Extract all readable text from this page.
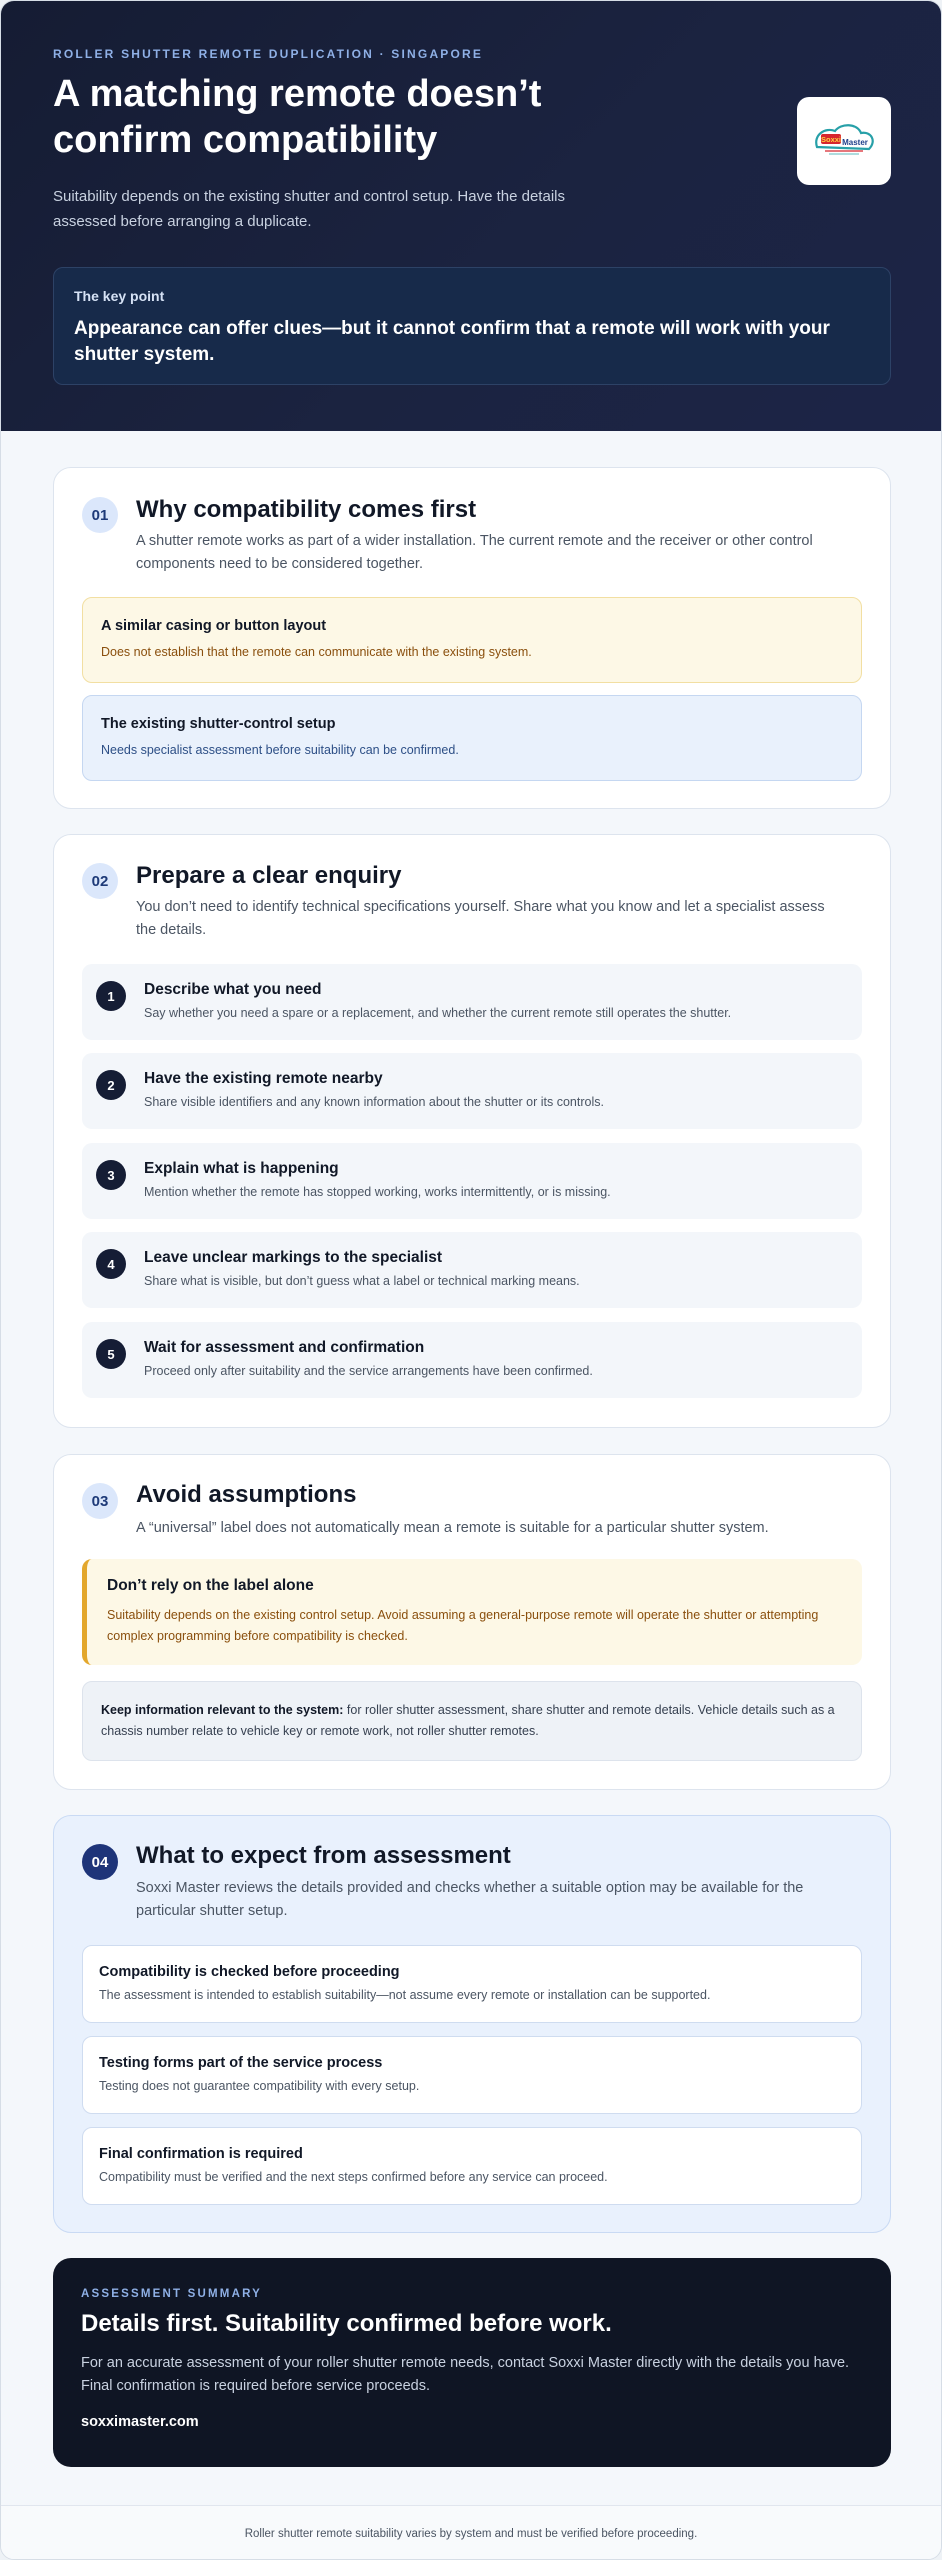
ROLLER SHUTTER REMOTE DUPLICATION · SINGAPORE
A matching remote doesn’t confirm compatibility

Suitability depends on the existing shutter and control setup. Have the details assessed before arranging a duplicate.

Soxxi Master
The key point
Appearance can offer clues—but it cannot confirm that a remote will work with your shutter system.
01	Why compatibility comes first

A shutter remote works as part of a wider installation. The current remote and the receiver or other control components need to be considered together.

A similar casing or button layout

Does not establish that the remote can communicate with the existing system.

The existing shutter-control setup

Needs specialist assessment before suitability can be confirmed.

02	Prepare a clear enquiry

You don’t need to identify technical specifications yourself. Share what you know and let a specialist assess the details.

1	Describe what you need

Say whether you need a spare or a replacement, and whether the current remote still operates the shutter.

2	Have the existing remote nearby

Share visible identifiers and any known information about the shutter or its controls.

3	Explain what is happening

Mention whether the remote has stopped working, works intermittently, or is missing.

4	Leave unclear markings to the specialist

Share what is visible, but don’t guess what a label or technical marking means.

5	Wait for assessment and confirmation

Proceed only after suitability and the service arrangements have been confirmed.

03	Avoid assumptions

A “universal” label does not automatically mean a remote is suitable for a particular shutter system.

Don’t rely on the label alone

Suitability depends on the existing control setup. Avoid assuming a general-purpose remote will operate the shutter or attempting complex programming before compatibility is checked.

Keep information relevant to the system: for roller shutter assessment, share shutter and remote details. Vehicle details such as a chassis number relate to vehicle key or remote work, not roller shutter remotes.
04	What to expect from assessment

Soxxi Master reviews the details provided and checks whether a suitable option may be available for the particular shutter setup.

Compatibility is checked before proceeding

The assessment is intended to establish suitability—not assume every remote or installation can be supported.

Testing forms part of the service process

Testing does not guarantee compatibility with every setup.

Final confirmation is required

Compatibility must be verified and the next steps confirmed before any service can proceed.

ASSESSMENT SUMMARY
Details first. Suitability confirmed before work.

For an accurate assessment of your roller shutter remote needs, contact Soxxi Master directly with the details you have. Final confirmation is required before service proceeds.

soxximaster.com
Roller shutter remote suitability varies by system and must be verified before proceeding.
